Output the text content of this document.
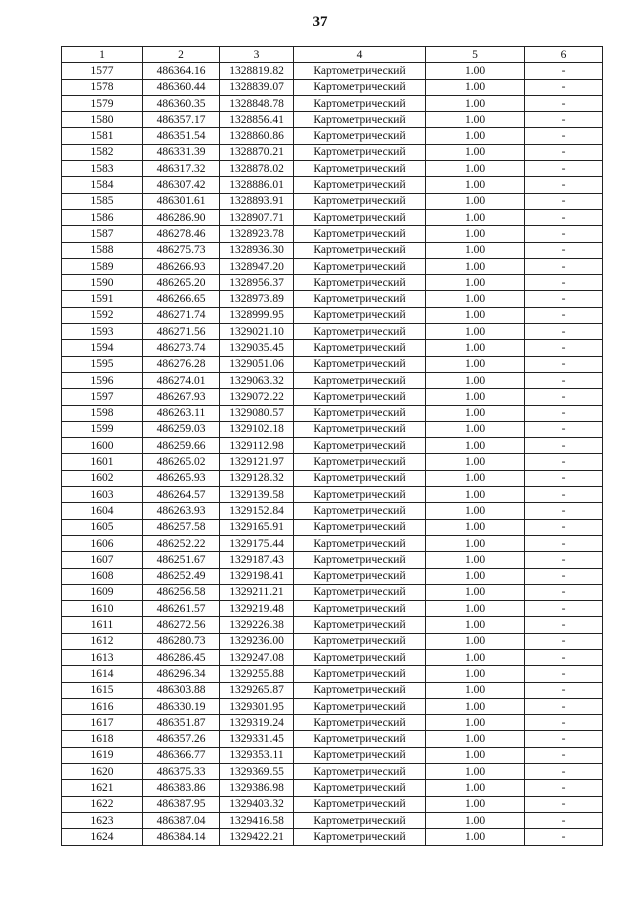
37
1	2	3	4	5	6
1577	486364.16	1328819.82	Картометрический	1.00	-
1578	486360.44	1328839.07	Картометрический	1.00	-
1579	486360.35	1328848.78	Картометрический	1.00	-
1580	486357.17	1328856.41	Картометрический	1.00	-
1581	486351.54	1328860.86	Картометрический	1.00	-
1582	486331.39	1328870.21	Картометрический	1.00	-
1583	486317.32	1328878.02	Картометрический	1.00	-
1584	486307.42	1328886.01	Картометрический	1.00	-
1585	486301.61	1328893.91	Картометрический	1.00	-
1586	486286.90	1328907.71	Картометрический	1.00	-
1587	486278.46	1328923.78	Картометрический	1.00	-
1588	486275.73	1328936.30	Картометрический	1.00	-
1589	486266.93	1328947.20	Картометрический	1.00	-
1590	486265.20	1328956.37	Картометрический	1.00	-
1591	486266.65	1328973.89	Картометрический	1.00	-
1592	486271.74	1328999.95	Картометрический	1.00	-
1593	486271.56	1329021.10	Картометрический	1.00	-
1594	486273.74	1329035.45	Картометрический	1.00	-
1595	486276.28	1329051.06	Картометрический	1.00	-
1596	486274.01	1329063.32	Картометрический	1.00	-
1597	486267.93	1329072.22	Картометрический	1.00	-
1598	486263.11	1329080.57	Картометрический	1.00	-
1599	486259.03	1329102.18	Картометрический	1.00	-
1600	486259.66	1329112.98	Картометрический	1.00	-
1601	486265.02	1329121.97	Картометрический	1.00	-
1602	486265.93	1329128.32	Картометрический	1.00	-
1603	486264.57	1329139.58	Картометрический	1.00	-
1604	486263.93	1329152.84	Картометрический	1.00	-
1605	486257.58	1329165.91	Картометрический	1.00	-
1606	486252.22	1329175.44	Картометрический	1.00	-
1607	486251.67	1329187.43	Картометрический	1.00	-
1608	486252.49	1329198.41	Картометрический	1.00	-
1609	486256.58	1329211.21	Картометрический	1.00	-
1610	486261.57	1329219.48	Картометрический	1.00	-
1611	486272.56	1329226.38	Картометрический	1.00	-
1612	486280.73	1329236.00	Картометрический	1.00	-
1613	486286.45	1329247.08	Картометрический	1.00	-
1614	486296.34	1329255.88	Картометрический	1.00	-
1615	486303.88	1329265.87	Картометрический	1.00	-
1616	486330.19	1329301.95	Картометрический	1.00	-
1617	486351.87	1329319.24	Картометрический	1.00	-
1618	486357.26	1329331.45	Картометрический	1.00	-
1619	486366.77	1329353.11	Картометрический	1.00	-
1620	486375.33	1329369.55	Картометрический	1.00	-
1621	486383.86	1329386.98	Картометрический	1.00	-
1622	486387.95	1329403.32	Картометрический	1.00	-
1623	486387.04	1329416.58	Картометрический	1.00	-
1624	486384.14	1329422.21	Картометрический	1.00	-
